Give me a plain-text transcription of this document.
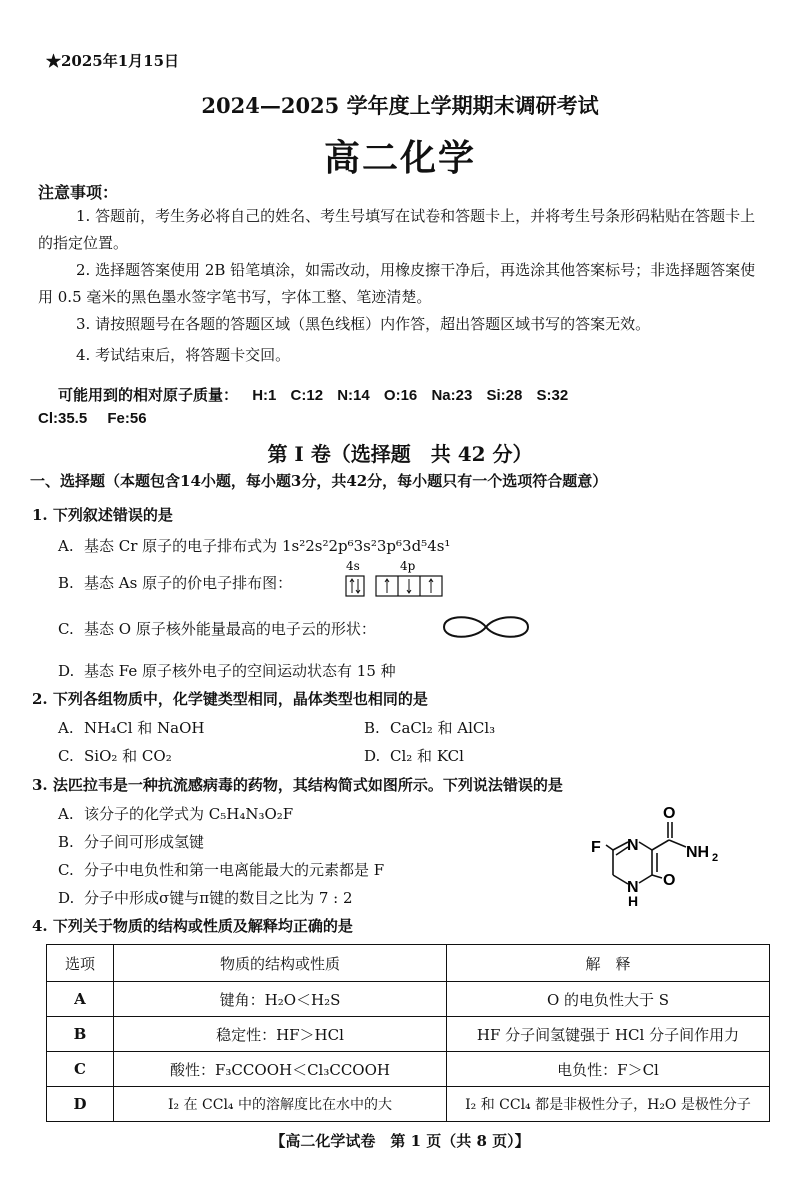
★2025年1月15日
2024—2025 学年度上学期期末调研考试
高二化学
注意事项：
1. 答题前，考生务必将自己的姓名、考生号填写在试卷和答题卡上，并将考生号条形码粘贴在答题卡上的指定位置。
2. 选择题答案使用 2B 铅笔填涂，如需改动，用橡皮擦干净后，再选涂其他答案标号；非选择题答案使用 0.5 毫米的黑色墨水签字笔书写，字体工整、笔迹清楚。
3. 请按照题号在各题的答题区域（黑色线框）内作答，超出答题区域书写的答案无效。
4. 考试结束后，将答题卡交回。
可能用到的相对原子质量： H:1 C:12 N:14 O:16 Na:23 Si:28 S:32
Cl:35.5 Fe:56
第 I 卷（选择题　共 42 分）
一、选择题（本题包含14小题，每小题3分，共42分，每小题只有一个选项符合题意）
1. 下列叙述错误的是
A. 基态 Cr 原子的电子排布式为 1s²2s²2p⁶3s²3p⁶3d⁵4s¹
B. 基态 As 原子的价电子排布图：
4s	4p
C. 基态 O 原子核外能量最高的电子云的形状：
D. 基态 Fe 原子核外电子的空间运动状态有 15 种
2. 下列各组物质中，化学键类型相同，晶体类型也相同的是
A. NH₄Cl 和 NaOH	B. CaCl₂ 和 AlCl₃
C. SiO₂ 和 CO₂	D. Cl₂ 和 KCl
3. 法匹拉韦是一种抗流感病毒的药物，其结构简式如图所示。下列说法错误的是
A. 该分子的化学式为 C₅H₄N₃O₂F
B. 分子间可形成氢键
C. 分子中电负性和第一电离能最大的元素都是 F
D. 分子中形成σ键与π键的数目之比为 7 : 2
F N
O
NH 2
N
H
O
4. 下列关于物质的结构或性质及解释均正确的是
选项	物质的结构或性质	解　释
A	键角：H₂O＜H₂S	O 的电负性大于 S
B	稳定性：HF＞HCl	HF 分子间氢键强于 HCl 分子间作用力
C	酸性：F₃CCOOH＜Cl₃CCOOH	电负性：F＞Cl
D	I₂ 在 CCl₄ 中的溶解度比在水中的大	I₂ 和 CCl₄ 都是非极性分子，H₂O 是极性分子
【高二化学试卷　第 1 页（共 8 页）】
